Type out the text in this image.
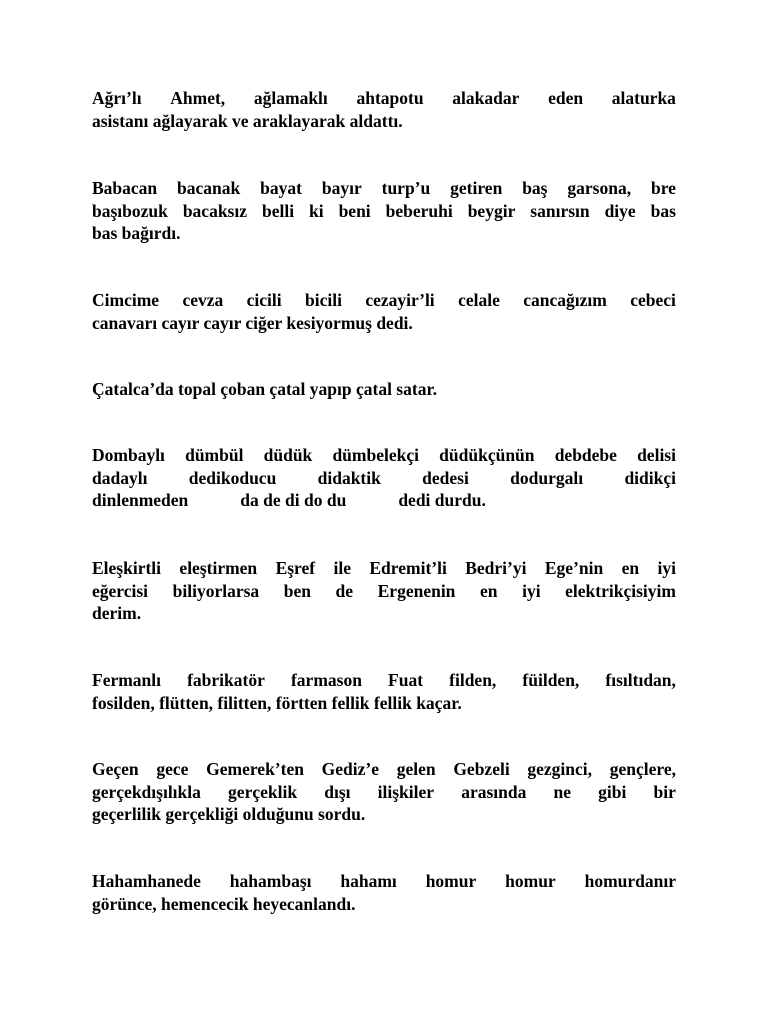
Ağrı’lı Ahmet, ağlamaklı ahtapotu alakadar eden alaturka
asistanı ağlayarak ve araklayarak aldattı.

Babacan bacanak bayat bayır turp’u getiren baş garsona, bre
başıbozuk bacaksız belli ki beni beberuhi beygir sanırsın diye bas
bas bağırdı.

Cimcime cevza cicili bicili cezayir’li celale cancağızım cebeci
canavarı cayır cayır ciğer kesiyormuş dedi.

Çatalca’da topal çoban çatal yapıp çatal satar.

Dombaylı dümbül düdük dümbelekçi düdükçünün debdebe delisi
dadaylı dedikoducu didaktik dedesi dodurgalı didikçi
dinlenmeden	da de di do du	dedi durdu.

Eleşkirtli eleştirmen Eşref ile Edremit’li Bedri’yi Ege’nin en iyi
eğercisi biliyorlarsa ben de Ergenenin en iyi elektrikçisiyim
derim.

Fermanlı fabrikatör farmason Fuat filden, füilden, fısıltıdan,
fosilden, flütten, filitten, förtten fellik fellik kaçar.

Geçen gece Gemerek’ten Gediz’e gelen Gebzeli gezginci, gençlere,
gerçekdışılıkla gerçeklik dışı ilişkiler arasında ne gibi bir
geçerlilik gerçekliği olduğunu sordu.

Hahamhanede hahambaşı hahamı homur homur homurdanır
görünce, hemencecik heyecanlandı.
